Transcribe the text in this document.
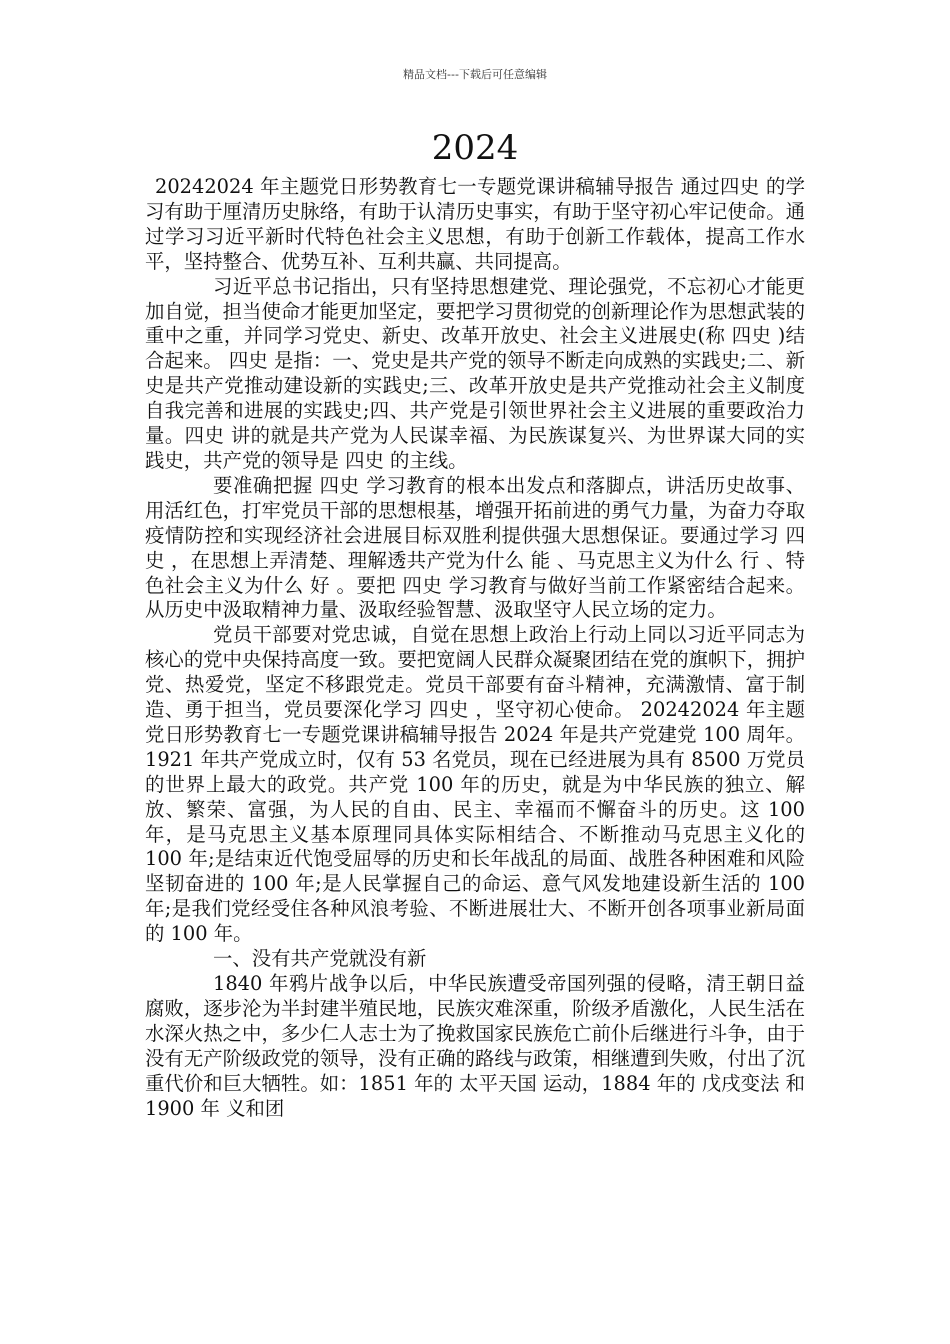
精品文档---下载后可任意编辑
2024

20242024 年主题党日形势教育七一专题党课讲稿辅导报告 通过四史 的学习有助于厘清历史脉络，有助于认清历史事实，有助于坚守初心牢记使命。通过学习习近平新时代特色社会主义思想，有助于创新工作载体，提高工作水平，坚持整合、优势互补、互利共赢、共同提高。

习近平总书记指出，只有坚持思想建党、理论强党，不忘初心才能更加自觉，担当使命才能更加坚定，要把学习贯彻党的创新理论作为思想武装的重中之重，并同学习党史、新史、改革开放史、社会主义进展史(称 四史 )结合起来。 四史 是指：一、党史是共产党的领导不断走向成熟的实践史;二、新史是共产党推动建设新的实践史;三、改革开放史是共产党推动社会主义制度自我完善和进展的实践史;四、共产党是引领世界社会主义进展的重要政治力量。四史 讲的就是共产党为人民谋幸福、为民族谋复兴、为世界谋大同的实践史，共产党的领导是 四史 的主线。

要准确把握 四史 学习教育的根本出发点和落脚点，讲活历史故事、用活红色，打牢党员干部的思想根基，增强开拓前进的勇气力量，为奋力夺取疫情防控和实现经济社会进展目标双胜利提供强大思想保证。要通过学习 四史 ，在思想上弄清楚、理解透共产党为什么 能 、马克思主义为什么 行 、特色社会主义为什么 好 。要把 四史 学习教育与做好当前工作紧密结合起来。从历史中汲取精神力量、汲取经验智慧、汲取坚守人民立场的定力。

党员干部要对党忠诚，自觉在思想上政治上行动上同以习近平同志为核心的党中央保持高度一致。要把宽阔人民群众凝聚团结在党的旗帜下，拥护党、热爱党，坚定不移跟党走。党员干部要有奋斗精神，充满激情、富于制造、勇于担当，党员要深化学习 四史 ，坚守初心使命。 20242024 年主题党日形势教育七一专题党课讲稿辅导报告 2024 年是共产党建党 100 周年。1921 年共产党成立时，仅有 53 名党员，现在已经进展为具有 8500 万党员的世界上最大的政党。共产党 100 年的历史，就是为中华民族的独立、解放、繁荣、富强，为人民的自由、民主、幸福而不懈奋斗的历史。这 100 年，是马克思主义基本原理同具体实际相结合、不断推动马克思主义化的 100 年;是结束近代饱受屈辱的历史和长年战乱的局面、战胜各种困难和风险坚韧奋进的 100 年;是人民掌握自己的命运、意气风发地建设新生活的 100 年;是我们党经受住各种风浪考验、不断进展壮大、不断开创各项事业新局面的 100 年。

一、没有共产党就没有新

1840 年鸦片战争以后，中华民族遭受帝国列强的侵略，清王朝日益腐败，逐步沦为半封建半殖民地，民族灾难深重，阶级矛盾激化，人民生活在水深火热之中，多少仁人志士为了挽救国家民族危亡前仆后继进行斗争，由于没有无产阶级政党的领导，没有正确的路线与政策，相继遭到失败，付出了沉重代价和巨大牺牲。如：1851 年的 太平天国 运动，1884 年的 戊戌变法 和 1900 年 义和团
